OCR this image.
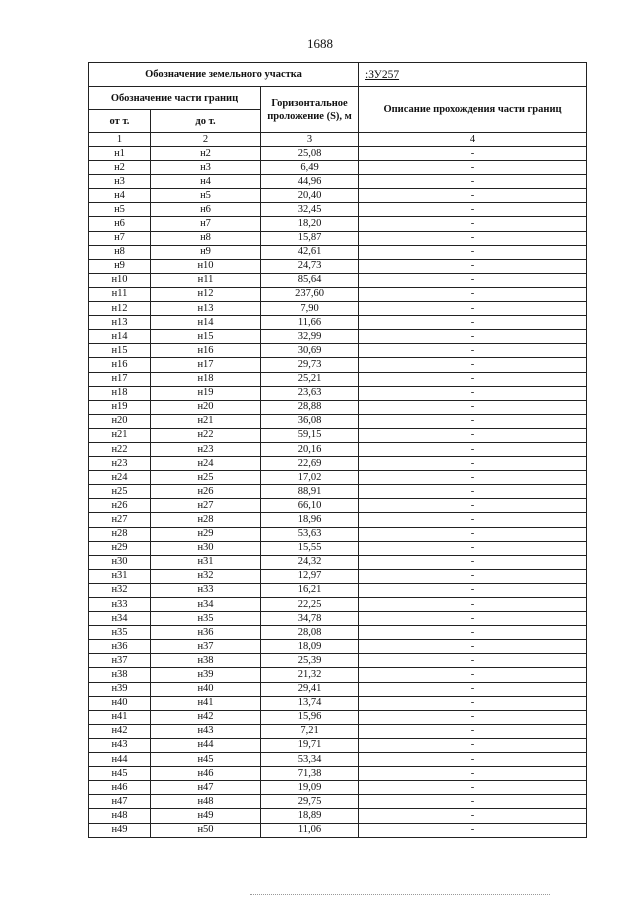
1688
Обозначение земельного участка			:ЗУ257
Обозначение части границ		Горизонтальное проложение (S), м	Описание прохождения части границ
от т.	до т.		
1	2	3	4
н1	н2	25,08	-
н2	н3	6,49	-
н3	н4	44,96	-
н4	н5	20,40	-
н5	н6	32,45	-
н6	н7	18,20	-
н7	н8	15,87	-
н8	н9	42,61	-
н9	н10	24,73	-
н10	н11	85,64	-
н11	н12	237,60	-
н12	н13	7,90	-
н13	н14	11,66	-
н14	н15	32,99	-
н15	н16	30,69	-
н16	н17	29,73	-
н17	н18	25,21	-
н18	н19	23,63	-
н19	н20	28,88	-
н20	н21	36,08	-
н21	н22	59,15	-
н22	н23	20,16	-
н23	н24	22,69	-
н24	н25	17,02	-
н25	н26	88,91	-
н26	н27	66,10	-
н27	н28	18,96	-
н28	н29	53,63	-
н29	н30	15,55	-
н30	н31	24,32	-
н31	н32	12,97	-
н32	н33	16,21	-
н33	н34	22,25	-
н34	н35	34,78	-
н35	н36	28,08	-
н36	н37	18,09	-
н37	н38	25,39	-
н38	н39	21,32	-
н39	н40	29,41	-
н40	н41	13,74	-
н41	н42	15,96	-
н42	н43	7,21	-
н43	н44	19,71	-
н44	н45	53,34	-
н45	н46	71,38	-
н46	н47	19,09	-
н47	н48	29,75	-
н48	н49	18,89	-
н49	н50	11,06	-
